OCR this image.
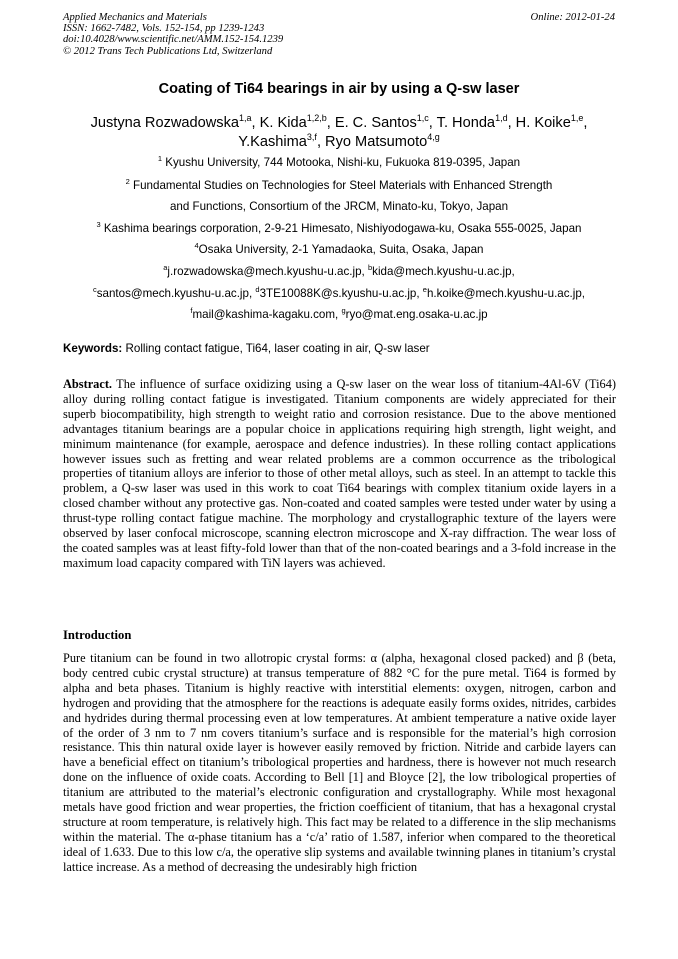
Applied Mechanics and Materials
ISSN: 1662-7482, Vols. 152-154, pp 1239-1243
doi:10.4028/www.scientific.net/AMM.152-154.1239
© 2012 Trans Tech Publications Ltd, Switzerland
Online: 2012-01-24
Coating of Ti64 bearings in air by using a Q-sw laser
Justyna Rozwadowska$^{1,a}$, K. Kida$^{1,2,b}$, E. C. Santos$^{1,c}$, T. Honda$^{1,d}$, H. Koike$^{1,e}$,
Y.Kashima$^{3,f}$, Ryo Matsumoto$^{4,g}$
$^1$ Kyushu University, 744 Motooka, Nishi-ku, Fukuoka 819-0395, Japan
$^2$ Fundamental Studies on Technologies for Steel Materials with Enhanced Strength
and Functions, Consortium of the JRCM, Minato-ku, Tokyo, Japan
$^3$ Kashima bearings corporation, 2-9-21 Himesato, Nishiyodogawa-ku, Osaka 555-0025, Japan
$^4$Osaka University, 2-1 Yamadaoka, Suita, Osaka, Japan
$^a$j.rozwadowska@mech.kyushu-u.ac.jp, $^b$kida@mech.kyushu-u.ac.jp,
$^c$santos@mech.kyushu-u.ac.jp, $^d$3TE10088K@s.kyushu-u.ac.jp, $^e$h.koike@mech.kyushu-u.ac.jp,
$^f$mail@kashima-kagaku.com, $^g$ryo@mat.eng.osaka-u.ac.jp
Keywords: Rolling contact fatigue, Ti64, laser coating in air, Q-sw laser
Abstract. The influence of surface oxidizing using a Q-sw laser on the wear loss of titanium-4Al-6V (Ti64) alloy during rolling contact fatigue is investigated. Titanium components are widely appreciated for their superb biocompatibility, high strength to weight ratio and corrosion resistance. Due to the above mentioned advantages titanium bearings are a popular choice in applications requiring high strength, light weight, and minimum maintenance (for example, aerospace and defence industries). In these rolling contact applications however issues such as fretting and wear related problems are a common occurrence as the tribological properties of titanium alloys are inferior to those of other metal alloys, such as steel. In an attempt to tackle this problem, a Q-sw laser was used in this work to coat Ti64 bearings with complex titanium oxide layers in a closed chamber without any protective gas. Non-coated and coated samples were tested under water by using a thrust-type rolling contact fatigue machine. The morphology and crystallographic texture of the layers were observed by laser confocal microscope, scanning electron microscope and X-ray diffraction. The wear loss of the coated samples was at least fifty-fold lower than that of the non-coated bearings and a 3-fold increase in the maximum load capacity compared with TiN layers was achieved.
Introduction
Pure titanium can be found in two allotropic crystal forms: α (alpha, hexagonal closed packed) and β (beta, body centred cubic crystal structure) at transus temperature of 882 °C for the pure metal. Ti64 is formed by alpha and beta phases. Titanium is highly reactive with interstitial elements: oxygen, nitrogen, carbon and hydrogen and providing that the atmosphere for the reactions is adequate easily forms oxides, nitrides, carbides and hydrides during thermal processing even at low temperatures. At ambient temperature a native oxide layer of the order of 3 nm to 7 nm covers titanium’s surface and is responsible for the material’s high corrosion resistance. This thin natural oxide layer is however easily removed by friction. Nitride and carbide layers can have a beneficial effect on titanium’s tribological properties and hardness, there is however not much research done on the influence of oxide coats. According to Bell [1] and Bloyce [2], the low tribological properties of titanium are attributed to the material’s electronic configuration and crystallography. While most hexagonal metals have good friction and wear properties, the friction coefficient of titanium, that has a hexagonal crystal structure at room temperature, is relatively high. This fact may be related to a difference in the slip mechanisms within the material. The α-phase titanium has a ‘c/a’ ratio of 1.587, inferior when compared to the theoretical ideal of 1.633. Due to this low c/a, the operative slip systems and available twinning planes in titanium’s crystal lattice increase. As a method of decreasing the undesirably high friction
